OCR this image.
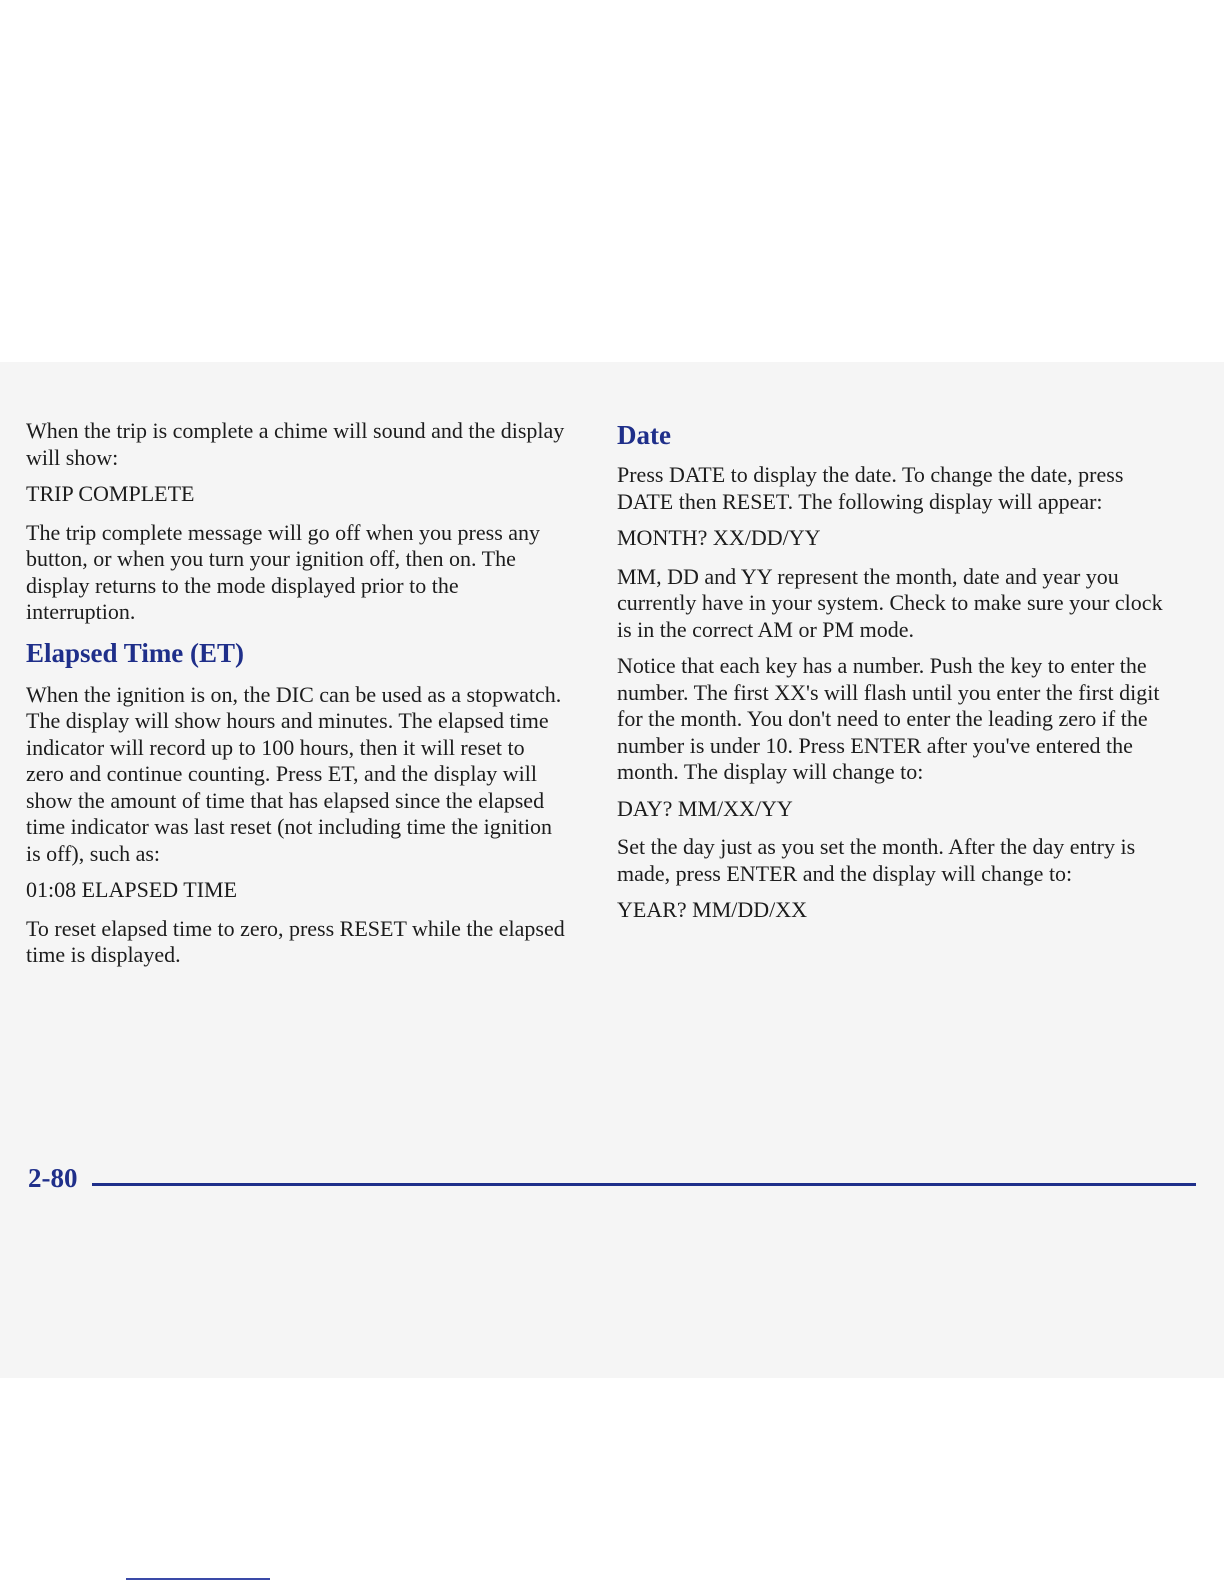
When the trip is complete a chime will sound and the display will show:

TRIP COMPLETE

The trip complete message will go off when you press any button, or when you turn your ignition off, then on. The display returns to the mode displayed prior to the interruption.

Elapsed Time (ET)

When the ignition is on, the DIC can be used as a stopwatch. The display will show hours and minutes. The elapsed time indicator will record up to 100 hours, then it will reset to zero and continue counting. Press ET, and the display will show the amount of time that has elapsed since the elapsed time indicator was last reset (not including time the ignition is off), such as:

01:08 ELAPSED TIME

To reset elapsed time to zero, press RESET while the elapsed time is displayed.

Date

Press DATE to display the date. To change the date, press DATE then RESET. The following display will appear:

MONTH? XX/DD/YY

MM, DD and YY represent the month, date and year you currently have in your system. Check to make sure your clock is in the correct AM or PM mode.

Notice that each key has a number. Push the key to enter the number. The first XX's will flash until you enter the first digit for the month. You don't need to enter the leading zero if the number is under 10. Press ENTER after you've entered the month. The display will change to:

DAY? MM/XX/YY

Set the day just as you set the month. After the day entry is made, press ENTER and the display will change to:

YEAR? MM/DD/XX

2-80
